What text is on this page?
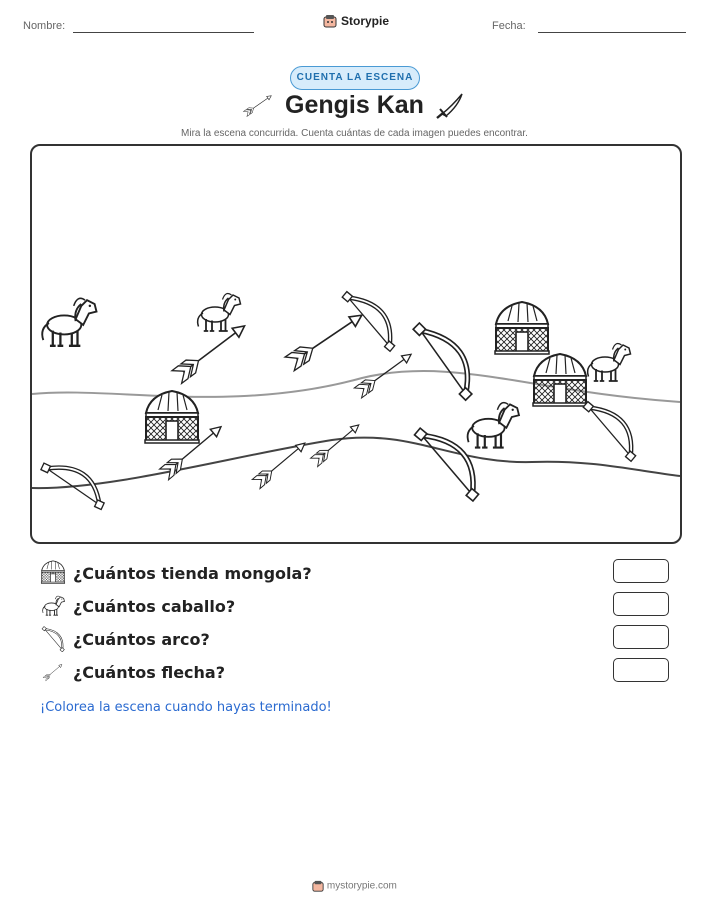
Nombre:	Storypie	Fecha:
CUENTA LA ESCENA
Gengis Kan
Mira la escena concurrida. Cuenta cuántas de cada imagen puedes encontrar.
¿Cuántos tienda mongola?
¿Cuántos caballo?
¿Cuántos arco?
¿Cuántos flecha?
¡Colorea la escena cuando hayas terminado!
mystorypie.com
